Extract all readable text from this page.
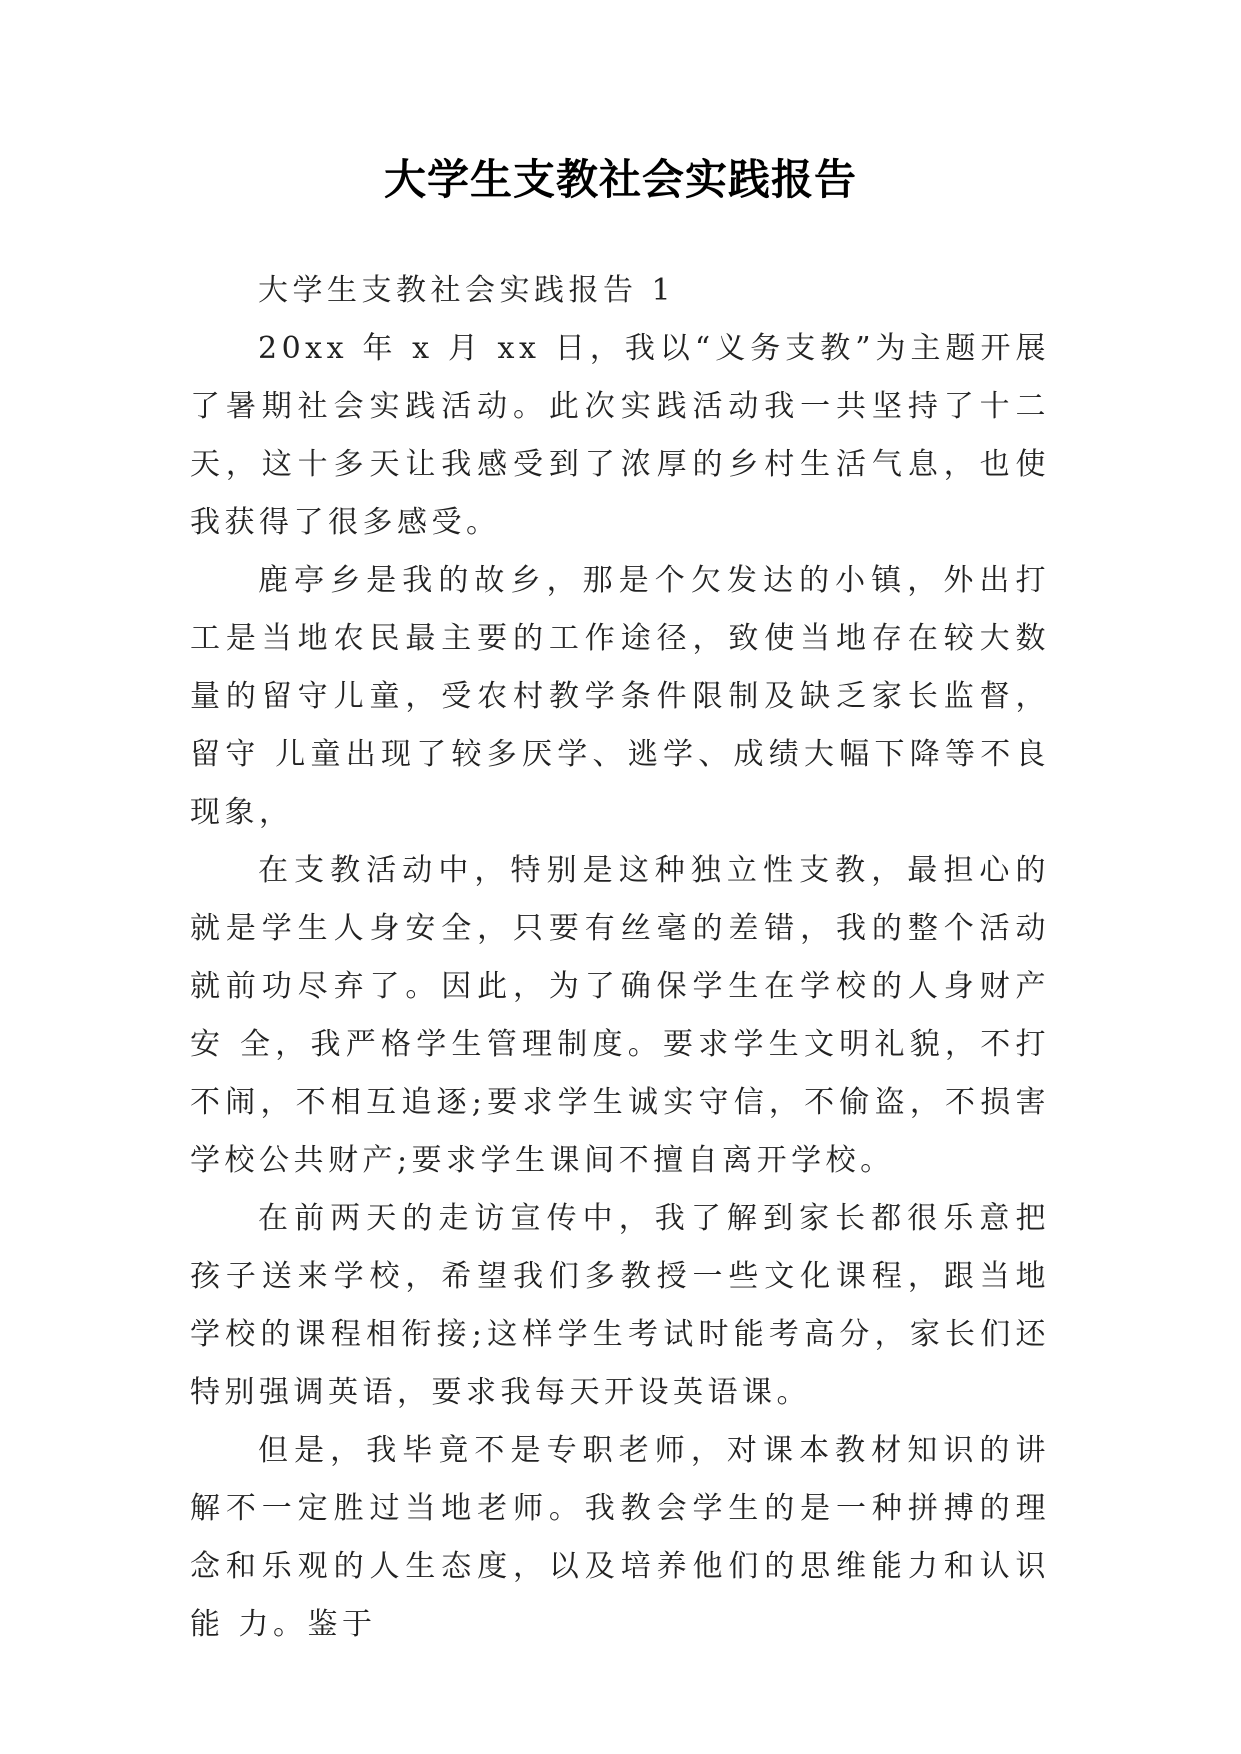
大学生支教社会实践报告

大学生支教社会实践报告 1

20xx 年 x 月 xx 日，我以“义务支教”为主题开展了暑期社会实践活动。此次实践活动我一共坚持了十二天，这十多天让我感受到了浓厚的乡村生活气息，也使我获得了很多感受。

鹿亭乡是我的故乡，那是个欠发达的小镇，外出打工是当地农民最主要的工作途径，致使当地存在较大数量的留守儿童，受农村教学条件限制及缺乏家长监督，留守 儿童出现了较多厌学、逃学、成绩大幅下降等不良现象，

在支教活动中，特别是这种独立性支教，最担心的就是学生人身安全，只要有丝毫的差错，我的整个活动就前功尽弃了。因此，为了确保学生在学校的人身财产安 全，我严格学生管理制度。要求学生文明礼貌，不打不闹，不相互追逐;要求学生诚实守信，不偷盗，不损害学校公共财产;要求学生课间不擅自离开学校。

在前两天的走访宣传中，我了解到家长都很乐意把孩子送来学校，希望我们多教授一些文化课程，跟当地学校的课程相衔接;这样学生考试时能考高分，家长们还特别强调英语，要求我每天开设英语课。

但是，我毕竟不是专职老师，对课本教材知识的讲解不一定胜过当地老师。我教会学生的是一种拼搏的理念和乐观的人生态度，以及培养他们的思维能力和认识能 力。鉴于
